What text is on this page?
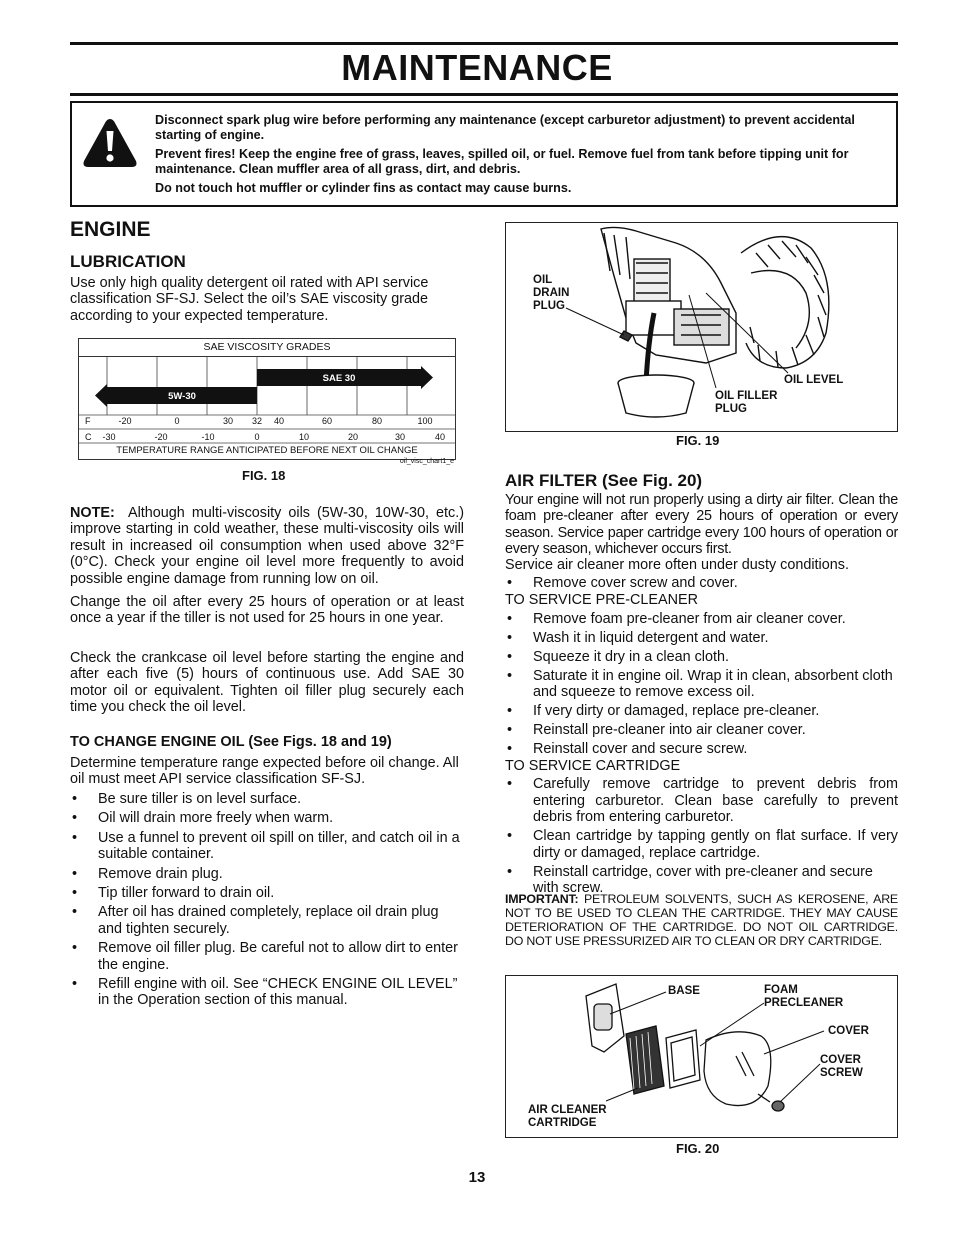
MAINTENANCE

Disconnect spark plug wire before performing any maintenance (except carburetor adjustment) to prevent accidental starting of engine.

Prevent fires! Keep the engine free of grass, leaves, spilled oil, or fuel. Remove fuel from tank before tipping unit for maintenance. Clean muffler area of all grass, dirt, and debris.

Do not touch hot muffler or cylinder fins as contact may cause burns.

ENGINE
LUBRICATION

Use only high quality detergent oil rated with API service classification SF-SJ. Select the oil’s SAE viscosity grade according to your expected temperature.

SAE VISCOSITY GRADES
5W-30
SAE 30
F
C
-20	0	30	32	40	60	80	100
-30	-20	-10	0	10	20	30	40
TEMPERATURE RANGE ANTICIPATED BEFORE NEXT OIL CHANGE
oil_visc_chart1_e
FIG. 18
NOTE: Although multi-viscosity oils (5W-30, 10W-30, etc.) improve starting in cold weather, these multi-viscosity oils will result in increased oil consumption when used above 32°F (0°C). Check your engine oil level more frequently to avoid possible engine damage from running low on oil.

Change the oil after every 25 hours of operation or at least once a year if the tiller is not used for 25 hours in one year.

Check the crankcase oil level before starting the engine and after each five (5) hours of continuous use. Add SAE 30 motor oil or equivalent. Tighten oil filler plug securely each time you check the oil level.

TO CHANGE ENGINE OIL (See Figs. 18 and 19)

Determine temperature range expected before oil change. All oil must meet API service classification SF-SJ.

• Be sure tiller is on level surface.
• Oil will drain more freely when warm.
• Use a funnel to prevent oil spill on tiller, and catch oil in a suitable container.
• Remove drain plug.
• Tip tiller forward to drain oil.
• After oil has drained completely, replace oil drain plug and tighten securely.
• Remove oil filler plug. Be careful not to allow dirt to enter the engine.
• Refill engine with oil. See “CHECK ENGINE OIL LEVEL” in the Operation section of this manual.
OIL
DRAIN
PLUG
OIL LEVEL
OIL FILLER
PLUG
FIG. 19
AIR FILTER (See Fig. 20)

Your engine will not run properly using a dirty air filter. Clean the foam pre-cleaner after every 25 hours of operation or every season. Service paper cartridge every 100 hours of operation or every season, whichever occurs first.

Service air cleaner more often under dusty conditions.

• Remove cover screw and cover.

TO SERVICE PRE-CLEANER

• Remove foam pre-cleaner from air cleaner cover.
• Wash it in liquid detergent and water.
• Squeeze it dry in a clean cloth.
• Saturate it in engine oil. Wrap it in clean, absorbent cloth and squeeze to remove excess oil.
• If very dirty or damaged, replace pre-cleaner.
• Reinstall pre-cleaner into air cleaner cover.
• Reinstall cover and secure screw.

TO SERVICE CARTRIDGE

• Carefully remove cartridge to prevent debris from entering carburetor. Clean base carefully to prevent debris from entering carburetor.
• Clean cartridge by tapping gently on flat surface. If very dirty or damaged, replace cartridge.
• Reinstall cartridge, cover with pre-cleaner and secure with screw.
IMPORTANT: PETROLEUM SOLVENTS, SUCH AS KEROSENE, ARE NOT TO BE USED TO CLEAN THE CARTRIDGE. THEY MAY CAUSE DETERIORATION OF THE CARTRIDGE. DO NOT OIL CARTRIDGE. DO NOT USE PRESSURIZED AIR TO CLEAN OR DRY CARTRIDGE.
BASE	FOAM
PRECLEANER
COVER
COVER
SCREW
AIR CLEANER
CARTRIDGE
FIG. 20
13
